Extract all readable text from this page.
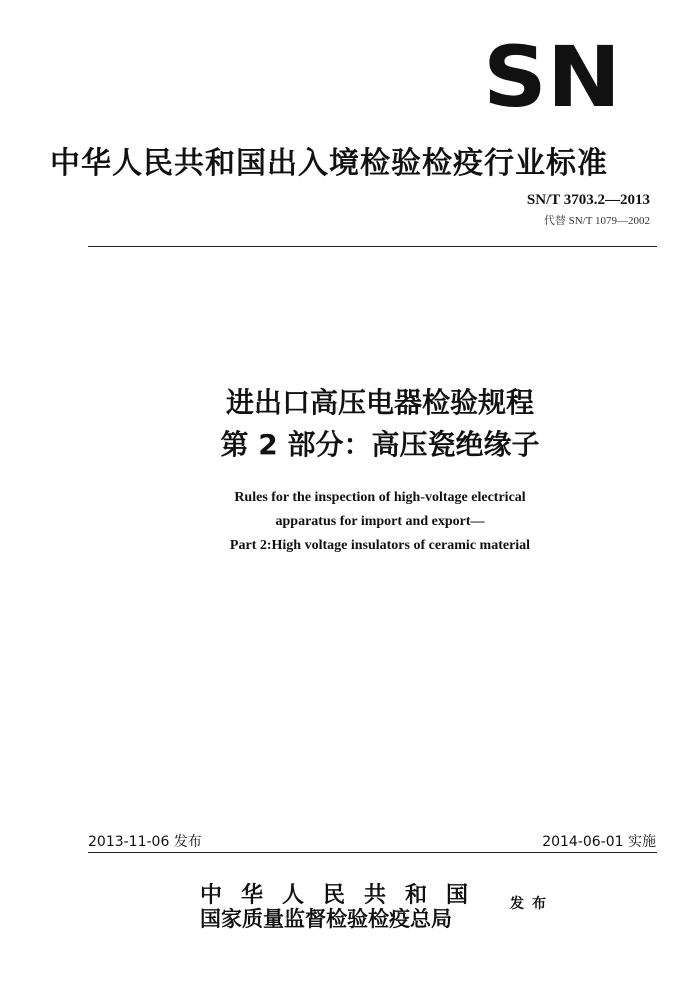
SN
中华人民共和国出入境检验检疫行业标准
SN/T 3703.2—2013
代替 SN/T 1079—2002
进出口高压电器检验规程
第 2 部分：高压瓷绝缘子
Rules for the inspection of high-voltage electrical
apparatus for import and export—
Part 2:High voltage insulators of ceramic material
2013-11-06 发布	2014-06-01 实施
中华人民共和国
国家质量监督检验检疫总局
发布
